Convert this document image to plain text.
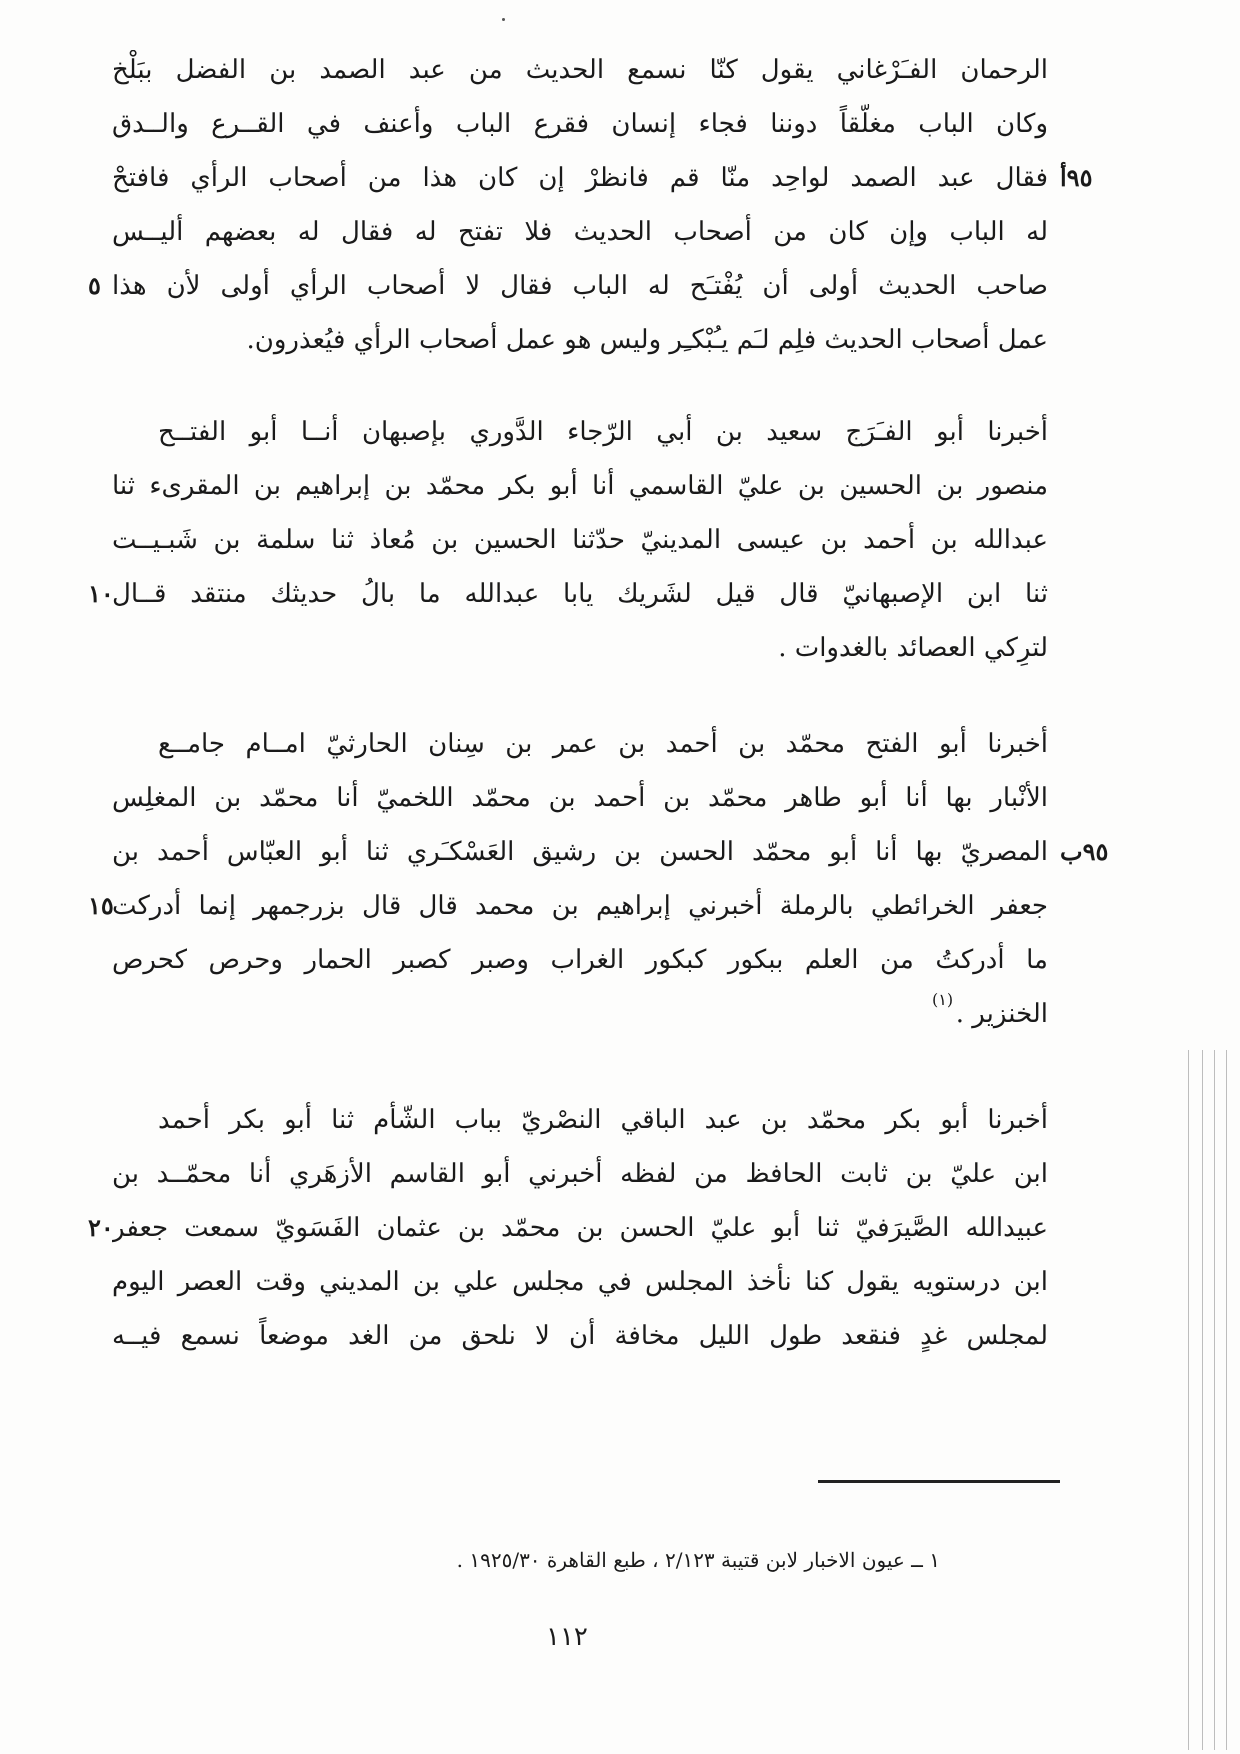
الرحمان الفـَرْغاني يقول كنّا نسمع الحديث من عبد الصمد بن الفضل ببَلْخ
وكان الباب مغلّقاً دوننا فجاء إنسان فقرع الباب وأعنف في القــرع والــدق
فقال عبد الصمد لواحِد منّا قم فانظرْ إن كان هذا من أصحاب الرأي فافتحْ
له الباب وإن كان من أصحاب الحديث فلا تفتح له فقال له بعضهم أليــس
صاحب الحديث أولى أن يُفْتـَح له الباب فقال لا أصحاب الرأي أولى لأن هذا
عمل أصحاب الحديث فلِم لـَم يـُبْكـِر وليس هو عمل أصحاب الرأي فيُعذرون.
أخبرنا أبو الفـَرَج سعيد بن أبي الرّجاء الدَّوري بإصبهان أنــا أبو الفتــح
منصور بن الحسين بن عليّ القاسمي أنا أبو بكر محمّد بن إبراهيم بن المقرىء ثنا
عبدالله بن أحمد بن عيسى المدينيّ حدّثنا الحسين بن مُعاذ ثنا سلمة بن شَبـيــت
ثنا ابن الإصبهانيّ قال قيل لشَريك يابا عبدالله ما بالُ حديثك منتقد قــال
لترِكي العصائد بالغدوات .
أخبرنا أبو الفتح محمّد بن أحمد بن عمر بن سِنان الحارثيّ امــام جامــع
الأنْبار بها أنا أبو طاهر محمّد بن أحمد بن محمّد اللخميّ أنا محمّد بن المغلِس
المصريّ بها أنا أبو محمّد الحسن بن رشيق العَسْكـَري ثنا أبو العبّاس أحمد بن
جعفر الخرائطي بالرملة أخبرني إبراهيم بن محمد قال قال بزرجمهر إنما أدركت
ما أدركتُ من العلم ببكور كبكور الغراب وصبر كصبر الحمار وحرص كحرص
الخنزير .
(١)
أخبرنا أبو بكر محمّد بن عبد الباقي النصْريّ بباب الشّأم ثنا أبو بكر أحمد
ابن عليّ بن ثابت الحافظ من لفظه أخبرني أبو القاسم الأزهَري أنا محمّــد بن
عبيدالله الصَّيرَفيّ ثنا أبو عليّ الحسن بن محمّد بن عثمان الفَسَويّ سمعت جعفر
ابن درستويه يقول كنا نأخذ المجلس في مجلس علي بن المديني وقت العصر اليوم
لمجلس غدٍ فنقعد طول الليل مخافة أن لا نلحق من الغد موضعاً نسمع فيــه
٩٥أ
٥
١٠
٩٥ب
١٥
٢٠
١ ــ عيون الاخبار لابن قتيبة ٢/١٢٣ ، طبع القاهرة ١٩٢٥/٣٠ .
١١٢
